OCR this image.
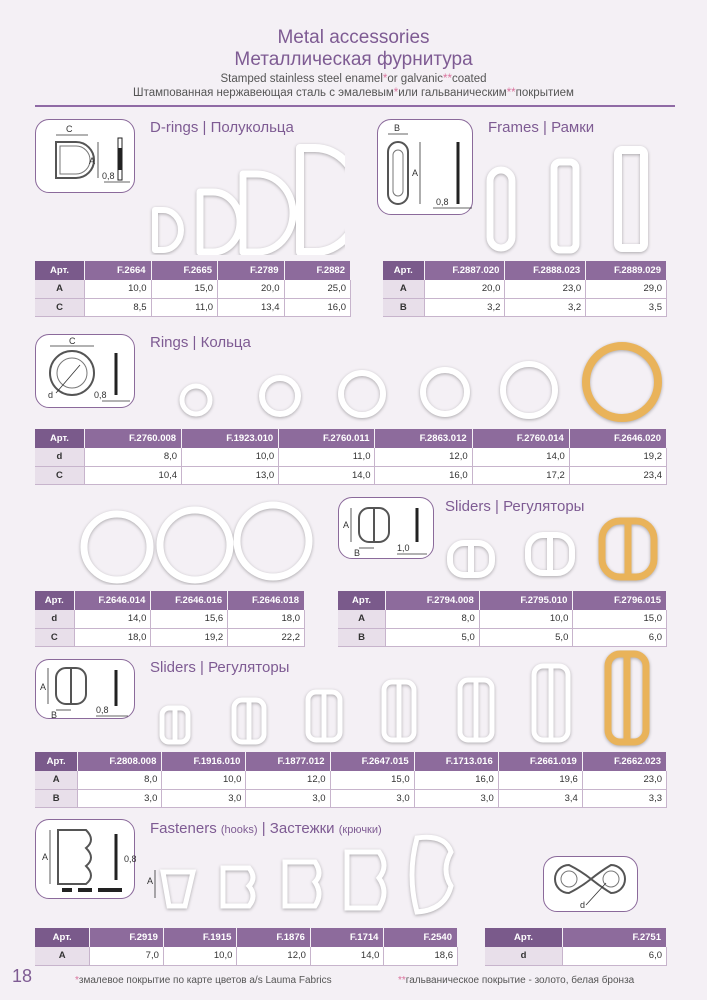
Metal accessories
Металлическая фурнитура
Stamped stainless steel enamel*or galvanic**coated
Штампованная нержавеющая сталь с эмалевым*или гальваническим**покрытием
C
A
0,8
D-rings | Полукольца
Арт.	F.2664	F.2665	F.2789	F.2882
A	10,0	15,0	20,0	25,0
C	8,5	11,0	13,4	16,0
B
A
0,8
Frames | Рамки
Арт.	F.2887.020	F.2888.023	F.2889.029
A	20,0	23,0	29,0
B	3,2	3,2	3,5
C
d	0,8
Rings | Кольца
Арт.	F.2760.008	F.1923.010	F.2760.011	F.2863.012	F.2760.014	F.2646.020
d	8,0	10,0	11,0	12,0	14,0	19,2
C	10,4	13,0	14,0	16,0	17,2	23,4
Арт.	F.2646.014	F.2646.016	F.2646.018
d	14,0	15,6	18,0
C	18,0	19,2	22,2
A
B	1,0
Sliders | Регуляторы
Арт.	F.2794.008	F.2795.010	F.2796.015
A	8,0	10,0	15,0
B	5,0	5,0	6,0
A
B	0,8
Sliders | Регуляторы
Арт.	F.2808.008	F.1916.010	F.1877.012	F.2647.015	F.1713.016	F.2661.019	F.2662.023
A	8,0	10,0	12,0	15,0	16,0	19,6	23,0
B	3,0	3,0	3,0	3,0	3,0	3,4	3,3
A	0,8
Fasteners (hooks) | Застежки (крючки)
A
Арт.	F.2919	F.1915	F.1876	F.1714	F.2540
A	7,0	10,0	12,0	14,0	18,6
d
Арт.	F.2751
d	6,0
18	*змалевое покрытие по карте цветов a/s Lauma Fabrics	**гальваническое покрытие - золото, белая бронза
